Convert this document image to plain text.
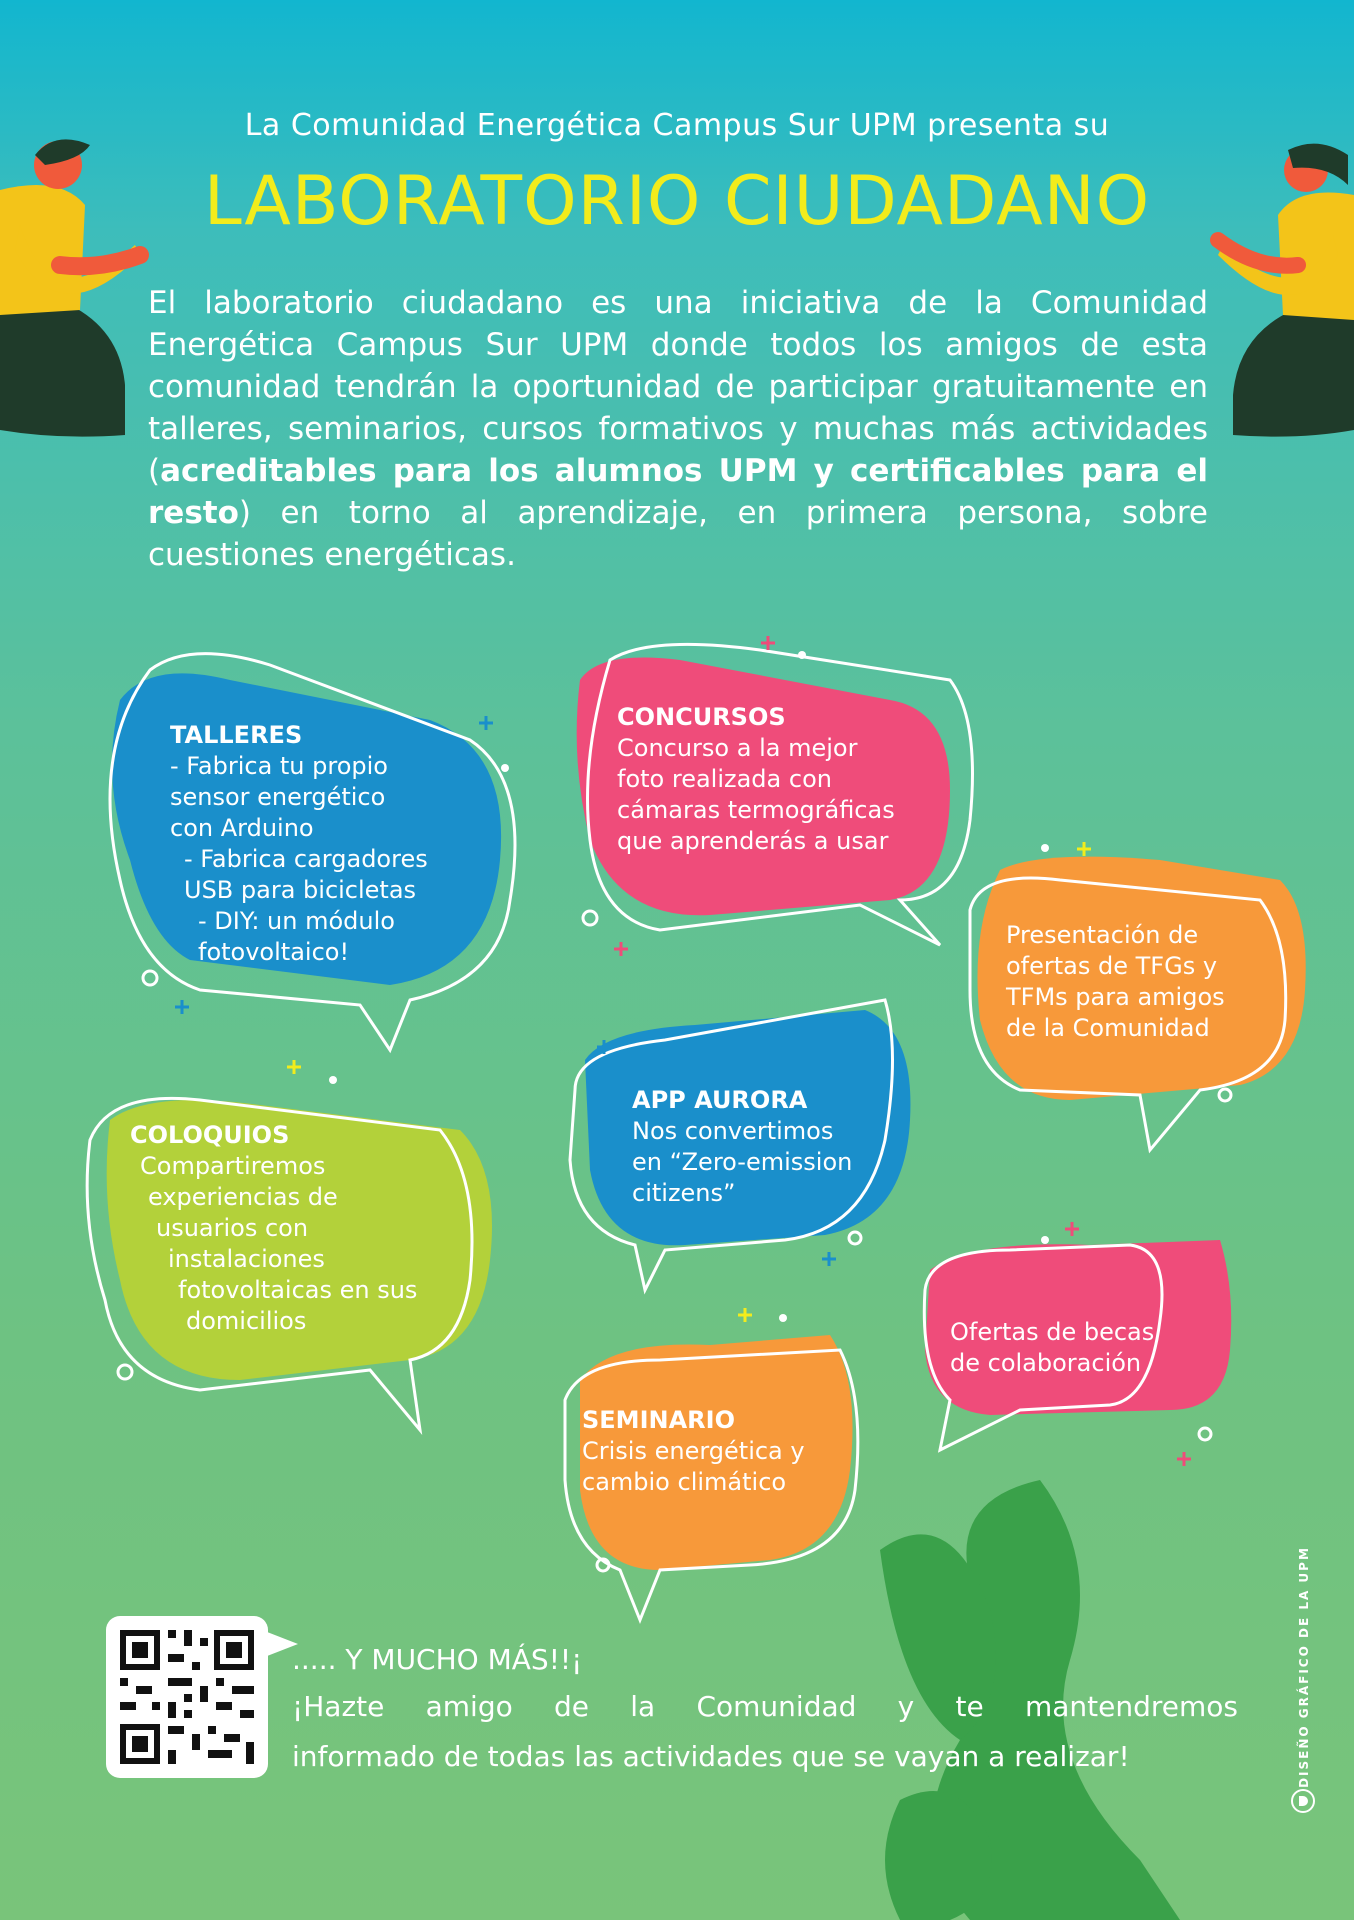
La Comunidad Energética Campus Sur UPM presenta su
LABORATORIO CIUDADANO
El laboratorio ciudadano es una iniciativa de la Comunidad Energética Campus Sur UPM donde todos los amigos de esta comunidad tendrán la oportunidad de participar gratuitamente en talleres, seminarios, cursos formativos y muchas más actividades (acreditables para los alumnos UPM y certificables para el resto) en torno al aprendizaje, en primera persona, sobre cuestiones energéticas.
TALLERES
- Fabrica tu propio
sensor energético
con Arduino
- Fabrica cargadores
USB para bicicletas
- DIY: un módulo
fotovoltaico!
CONCURSOS
Concurso a la mejor
foto realizada con
cámaras termográficas
que aprenderás a usar
Presentación de
ofertas de TFGs y
TFMs para amigos
de la Comunidad
COLOQUIOS
Compartiremos
experiencias de
usuarios con
instalaciones
fotovoltaicas en sus
domicilios
APP AURORA
Nos convertimos
en “Zero-emission
citizens”
Ofertas de becas
de colaboración
SEMINARIO
Crisis energética y
cambio climático
..... Y MUCHO MÁS!!¡
¡Hazte amigo de la Comunidad y te mantendremos
informado de todas las actividades que se vayan a realizar!	DISEÑO GRÁFICO DE LA UPM
